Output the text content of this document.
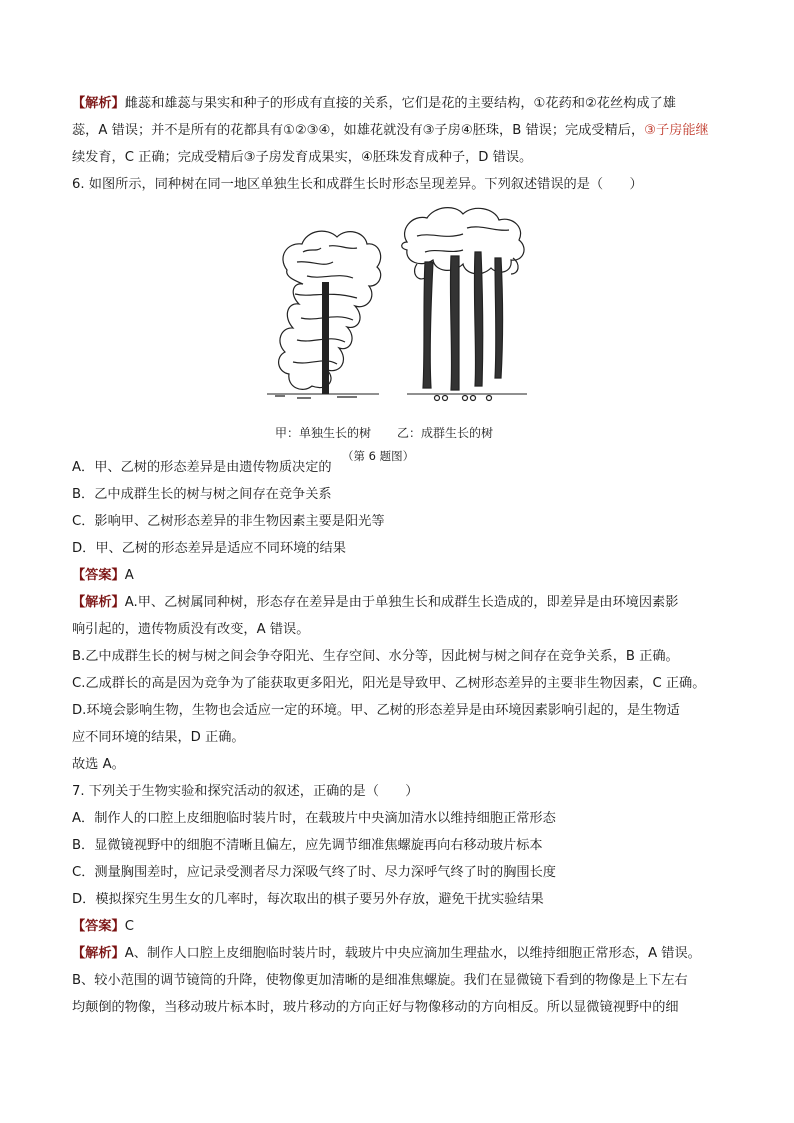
【解析】雌蕊和雄蕊与果实和种子的形成有直接的关系，它们是花的主要结构，①花药和②花丝构成了雄
蕊，A 错误；并不是所有的花都具有①②③④，如雄花就没有③子房④胚珠，B 错误；完成受精后，③子房能继
续发育，C 正确；完成受精后③子房发育成果实，④胚珠发育成种子，D 错误。
6. 如图所示，同种树在同一地区单独生长和成群生长时形态呈现差异。下列叙述错误的是（　　）
甲：单独生长的树 乙：成群生长的树
（第 6 题图）
A．甲、乙树的形态差异是由遗传物质决定的
B．乙中成群生长的树与树之间存在竞争关系
C．影响甲、乙树形态差异的非生物因素主要是阳光等
D．甲、乙树的形态差异是适应不同环境的结果
【答案】A
【解析】A.甲、乙树属同种树，形态存在差异是由于单独生长和成群生长造成的，即差异是由环境因素影
响引起的，遗传物质没有改变，A 错误。
B.乙中成群生长的树与树之间会争夺阳光、生存空间、水分等，因此树与树之间存在竞争关系，B 正确。
C.乙成群长的高是因为竞争为了能获取更多阳光，阳光是导致甲、乙树形态差异的主要非生物因素，C 正确。
D.环境会影响生物，生物也会适应一定的环境。甲、乙树的形态差异是由环境因素影响引起的，是生物适
应不同环境的结果，D 正确。
故选 A。
7. 下列关于生物实验和探究活动的叙述，正确的是（　　）
A．制作人的口腔上皮细胞临时装片时，在载玻片中央滴加清水以维持细胞正常形态
B．显微镜视野中的细胞不清晰且偏左，应先调节细准焦螺旋再向右移动玻片标本
C．测量胸围差时，应记录受测者尽力深吸气终了时、尽力深呼气终了时的胸围长度
D．模拟探究生男生女的几率时，每次取出的棋子要另外存放，避免干扰实验结果
【答案】C
【解析】A、制作人口腔上皮细胞临时装片时，载玻片中央应滴加生理盐水，以维持细胞正常形态，A 错误。
B、较小范围的调节镜筒的升降，使物像更加清晰的是细准焦螺旋。我们在显微镜下看到的物像是上下左右
均颠倒的物像，当移动玻片标本时，玻片移动的方向正好与物像移动的方向相反。所以显微镜视野中的细
